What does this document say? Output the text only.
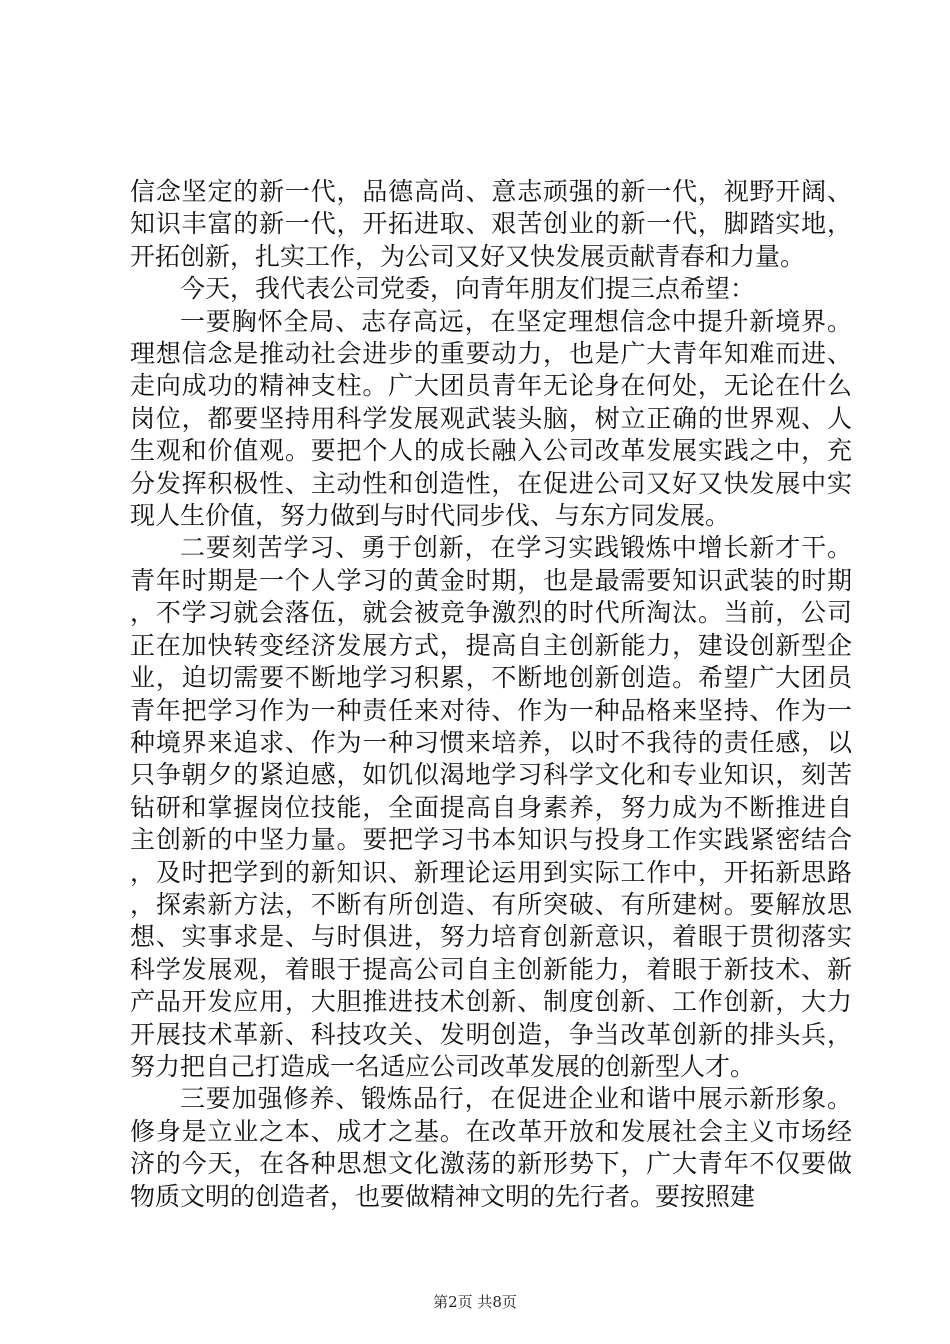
信念坚定的新一代，品德高尚、意志顽强的新一代，视野开阔、知识丰富的新一代，开拓进取、艰苦创业的新一代，脚踏实地，开拓创新，扎实工作，为公司又好又快发展贡献青春和力量。

今天，我代表公司党委，向青年朋友们提三点希望：

一要胸怀全局、志存高远，在坚定理想信念中提升新境界。理想信念是推动社会进步的重要动力，也是广大青年知难而进、走向成功的精神支柱。广大团员青年无论身在何处，无论在什么岗位，都要坚持用科学发展观武装头脑，树立正确的世界观、人生观和价值观。要把个人的成长融入公司改革发展实践之中，充分发挥积极性、主动性和创造性，在促进公司又好又快发展中实现人生价值，努力做到与时代同步伐、与东方同发展。

二要刻苦学习、勇于创新，在学习实践锻炼中增长新才干。青年时期是一个人学习的黄金时期，也是最需要知识武装的时期，不学习就会落伍，就会被竞争激烈的时代所淘汰。当前，公司正在加快转变经济发展方式，提高自主创新能力，建设创新型企业，迫切需要不断地学习积累，不断地创新创造。希望广大团员青年把学习作为一种责任来对待、作为一种品格来坚持、作为一种境界来追求、作为一种习惯来培养，以时不我待的责任感，以只争朝夕的紧迫感，如饥似渴地学习科学文化和专业知识，刻苦钻研和掌握岗位技能，全面提高自身素养，努力成为不断推进自主创新的中坚力量。要把学习书本知识与投身工作实践紧密结合，及时把学到的新知识、新理论运用到实际工作中，开拓新思路，探索新方法，不断有所创造、有所突破、有所建树。要解放思想、实事求是、与时俱进，努力培育创新意识，着眼于贯彻落实科学发展观，着眼于提高公司自主创新能力，着眼于新技术、新产品开发应用，大胆推进技术创新、制度创新、工作创新，大力开展技术革新、科技攻关、发明创造，争当改革创新的排头兵，努力把自己打造成一名适应公司改革发展的创新型人才。

三要加强修养、锻炼品行，在促进企业和谐中展示新形象。修身是立业之本、成才之基。在改革开放和发展社会主义市场经济的今天，在各种思想文化激荡的新形势下，广大青年不仅要做物质文明的创造者，也要做精神文明的先行者。要按照建

第2页 共8页
